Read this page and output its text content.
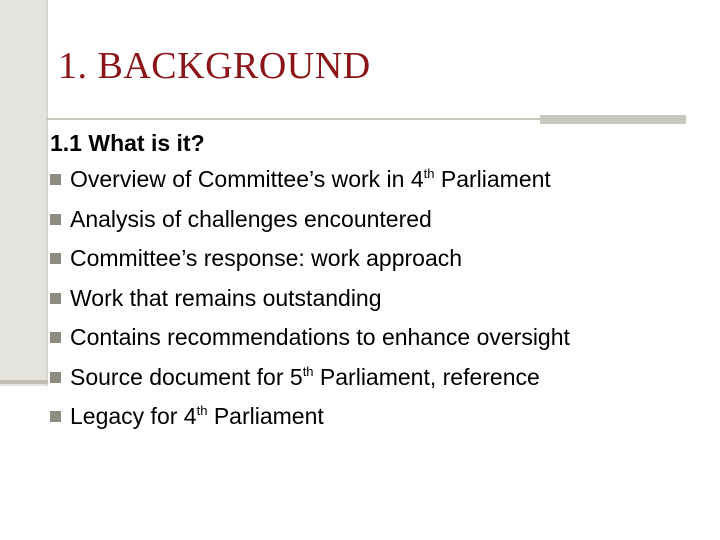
1. BACKGROUND

1.1 What is it?

Overview of Committee’s work in 4th Parliament
Analysis of challenges encountered
Committee’s response: work approach
Work that remains outstanding
Contains recommendations to enhance oversight
Source document for 5th Parliament, reference
Legacy for 4th Parliament
